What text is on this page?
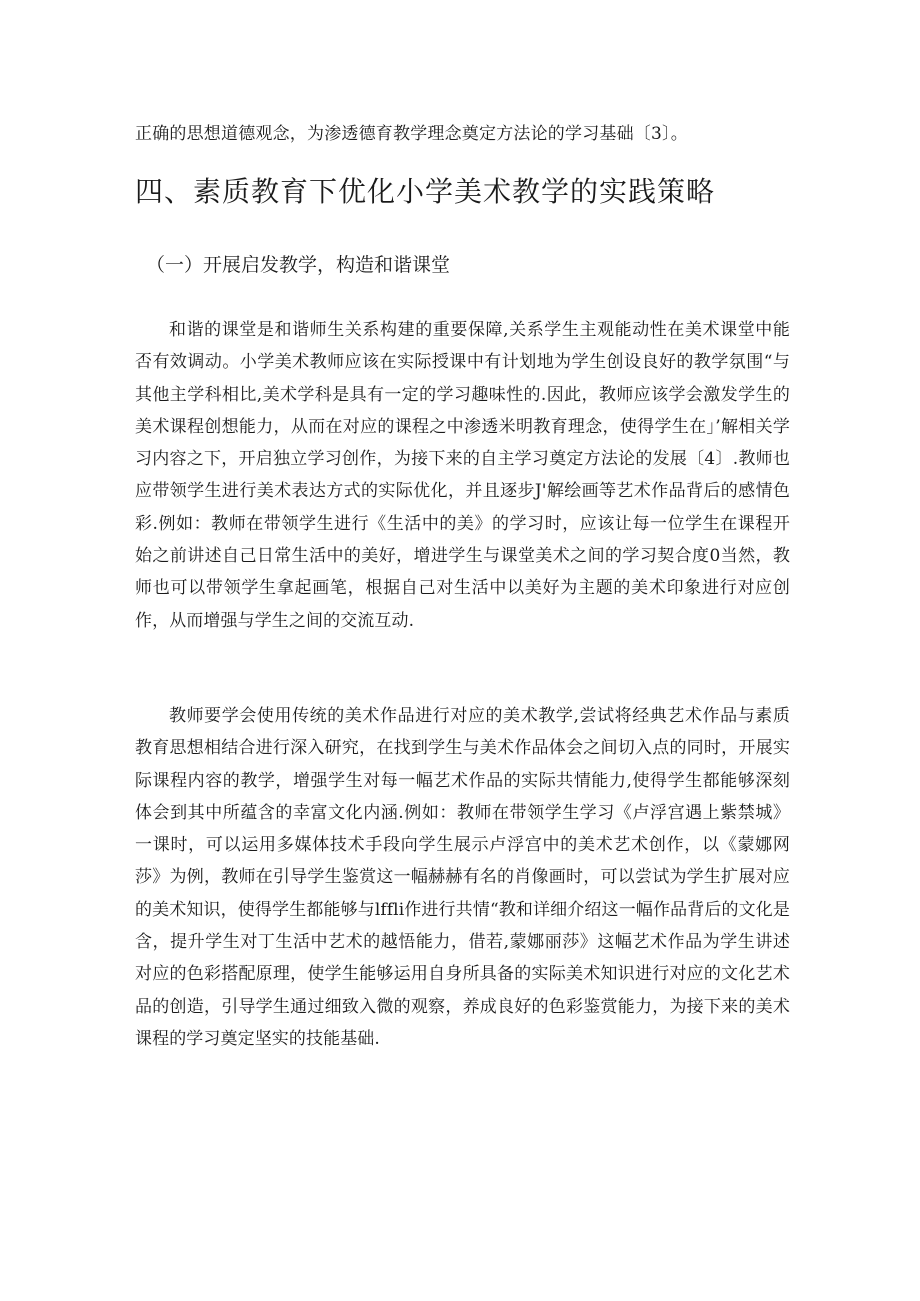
正确的思想道德观念，为渗透德育教学理念奠定方法论的学习基础〔3〕。
四、素质教育下优化小学美术教学的实践策略
（一）开展启发教学，构造和谐课堂

和谐的课堂是和谐师生关系构建的重要保障,关系学生主观能动性在美术课堂中能否有效调动。小学美术教师应该在实际授课中有计划地为学生创设良好的教学氛围“与其他主学科相比,美术学科是具有一定的学习趣味性的.因此，教师应该学会激发学生的美术课程创想能力，从而在对应的课程之中渗透米明教育理念，使得学生在」’解相关学习内容之下，开启独立学习创作，为接下来的自主学习奠定方法论的发展〔4〕.教师也应带领学生进行美术表达方式的实际优化，并且逐步J'解绘画等艺术作品背后的感情色彩.例如：教师在带领学生进行《生活中的美》的学习时，应该让每一位学生在课程开始之前讲述自己日常生活中的美好，增进学生与课堂美术之间的学习契合度0当然，教师也可以带领学生拿起画笔，根据自己对生活中以美好为主题的美术印象进行对应创作，从而增强与学生之间的交流互动.

教师要学会使用传统的美术作品进行对应的美术教学,尝试将经典艺术作品与素质教育思想相结合进行深入研究，在找到学生与美术作品体会之间切入点的同时，开展实际课程内容的教学，增强学生对每一幅艺术作品的实际共情能力,使得学生都能够深刻体会到其中所蕴含的幸富文化内涵.例如：教师在带领学生学习《卢浮宫遇上紫禁城》一课时，可以运用多媒体技术手段向学生展示卢浮宫中的美术艺术创作，以《蒙娜网莎》为例，教师在引导学生鉴赏这一幅赫赫有名的肖像画时，可以尝试为学生扩展对应的美术知识，使得学生都能够与lffli作进行共情“教和详细介绍这一幅作品背后的文化是含，提升学生对丁生活中艺术的越悟能力，借若,蒙娜丽莎》这幅艺术作品为学生讲述对应的色彩搭配原理，使学生能够运用自身所具备的实际美术知识进行对应的文化艺术品的创造，引导学生通过细致入微的观察，养成良好的色彩鉴赏能力，为接下来的美术课程的学习奠定坚实的技能基础.
